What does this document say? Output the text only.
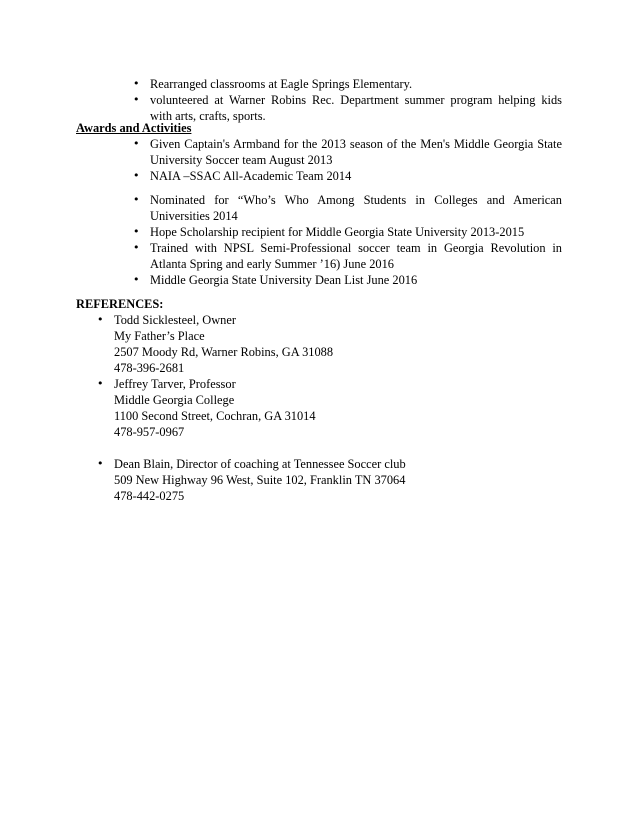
• Rearranged classrooms at Eagle Springs Elementary.
• volunteered at Warner Robins Rec. Department summer program helping kids with arts, crafts, sports.
Awards and Activities
• Given Captain's Armband for the 2013 season of the Men's Middle Georgia State University Soccer team August 2013
• NAIA –SSAC All-Academic Team 2014
• Nominated for “Who’s Who Among Students in Colleges and American Universities 2014
• Hope Scholarship recipient for Middle Georgia State University 2013-2015
• Trained with NPSL Semi-Professional soccer team in Georgia Revolution in Atlanta Spring and early Summer ’16) June 2016
• Middle Georgia State University Dean List June 2016
REFERENCES:
• Todd Sicklesteel, Owner
My Father’s Place
2507 Moody Rd, Warner Robins, GA 31088
478-396-2681
• Jeffrey Tarver, Professor
Middle Georgia College
1100 Second Street, Cochran, GA 31014
478-957-0967
• Dean Blain, Director of coaching at Tennessee Soccer club
509 New Highway 96 West, Suite 102, Franklin TN 37064
478-442-0275
